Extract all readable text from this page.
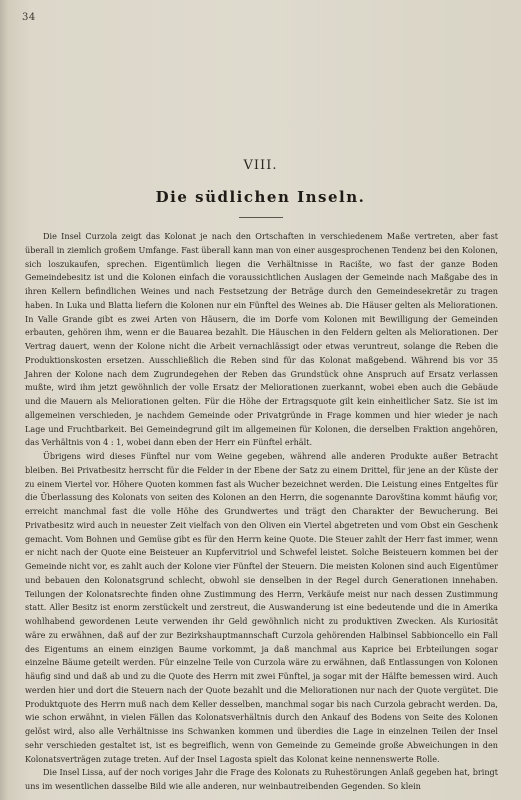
34
VIII.
Die südlichen Inseln.

Die Insel Curzola zeigt das Kolonat je nach den Ortschaften in verschiedenem Maße vertreten, aber fast überall in ziemlich großem Umfange. Fast überall kann man von einer ausgesprochenen Tendenz bei den Kolonen, sich loszukaufen, sprechen. Eigentümlich liegen die Verhältnisse in Racište, wo fast der ganze Boden Gemeindebesitz ist und die Kolonen einfach die voraussichtlichen Auslagen der Gemeinde nach Maßgabe des in ihren Kellern befindlichen Weines und nach Festsetzung der Beträge durch den Gemeindesekretär zu tragen haben. In Luka und Blatta liefern die Kolonen nur ein Fünftel des Weines ab. Die Häuser gelten als Meliorationen. In Valle Grande gibt es zwei Arten von Häusern, die im Dorfe vom Kolonen mit Bewilligung der Gemeinden erbauten, gehören ihm, wenn er die Bauarea bezahlt. Die Häuschen in den Feldern gelten als Meliorationen. Der Vertrag dauert, wenn der Kolone nicht die Arbeit vernachlässigt oder etwas veruntreut, solange die Reben die Produktionskosten ersetzen. Ausschließlich die Reben sind für das Kolonat maßgebend. Während bis vor 35 Jahren der Kolone nach dem Zugrundegehen der Reben das Grundstück ohne Anspruch auf Ersatz verlassen mußte, wird ihm jetzt gewöhnlich der volle Ersatz der Meliorationen zuerkannt, wobei eben auch die Gebäude und die Mauern als Meliorationen gelten. Für die Höhe der Ertragsquote gilt kein einheitlicher Satz. Sie ist im allgemeinen verschieden, je nachdem Gemeinde oder Privatgründe in Frage kommen und hier wieder je nach Lage und Fruchtbarkeit. Bei Gemeindegrund gilt im allgemeinen für Kolonen, die derselben Fraktion angehören, das Verhältnis von 4 : 1, wobei dann eben der Herr ein Fünftel erhält.

Übrigens wird dieses Fünftel nur vom Weine gegeben, während alle anderen Produkte außer Betracht bleiben. Bei Privatbesitz herrscht für die Felder in der Ebene der Satz zu einem Drittel, für jene an der Küste der zu einem Viertel vor. Höhere Quoten kommen fast als Wucher bezeichnet werden. Die Leistung eines Entgeltes für die Überlassung des Kolonats von seiten des Kolonen an den Herrn, die sogenannte Darovština kommt häufig vor, erreicht manchmal fast die volle Höhe des Grundwertes und trägt den Charakter der Bewucherung. Bei Privatbesitz wird auch in neuester Zeit vielfach von den Oliven ein Viertel abgetreten und vom Obst ein Geschenk gemacht. Vom Bohnen und Gemüse gibt es für den Herrn keine Quote. Die Steuer zahlt der Herr fast immer, wenn er nicht nach der Quote eine Beisteuer an Kupfervitriol und Schwefel leistet. Solche Beisteuern kommen bei der Gemeinde nicht vor, es zahlt auch der Kolone vier Fünftel der Steuern. Die meisten Kolonen sind auch Eigentümer und bebauen den Kolonatsgrund schlecht, obwohl sie denselben in der Regel durch Generationen innehaben. Teilungen der Kolonatsrechte finden ohne Zustimmung des Herrn, Verkäufe meist nur nach dessen Zustimmung statt. Aller Besitz ist enorm zerstückelt und zerstreut, die Auswanderung ist eine bedeutende und die in Amerika wohlhabend gewordenen Leute verwenden ihr Geld gewöhnlich nicht zu produktiven Zwecken. Als Kuriosität wäre zu erwähnen, daß auf der zur Bezirkshauptmannschaft Curzola gehörenden Halbinsel Sabbioncello ein Fall des Eigentums an einem einzigen Baume vorkommt, ja daß manchmal aus Kaprice bei Erbteilungen sogar einzelne Bäume geteilt werden. Für einzelne Teile von Curzola wäre zu erwähnen, daß Entlassungen von Kolonen häufig sind und daß ab und zu die Quote des Herrn mit zwei Fünftel, ja sogar mit der Hälfte bemessen wird. Auch werden hier und dort die Steuern nach der Quote bezahlt und die Meliorationen nur nach der Quote vergütet. Die Produktquote des Herrn muß nach dem Keller desselben, manchmal sogar bis nach Curzola gebracht werden. Da, wie schon erwähnt, in vielen Fällen das Kolonatsverhältnis durch den Ankauf des Bodens von Seite des Kolonen gelöst wird, also alle Verhältnisse ins Schwanken kommen und überdies die Lage in einzelnen Teilen der Insel sehr verschieden gestaltet ist, ist es begreiflich, wenn von Gemeinde zu Gemeinde große Abweichungen in den Kolonatsverträgen zutage treten. Auf der Insel Lagosta spielt das Kolonat keine nennenswerte Rolle.

Die Insel Lissa, auf der noch voriges Jahr die Frage des Kolonats zu Ruhestörungen Anlaß gegeben hat, bringt uns im wesentlichen dasselbe Bild wie alle anderen, nur weinbautreibenden Gegenden. So klein
